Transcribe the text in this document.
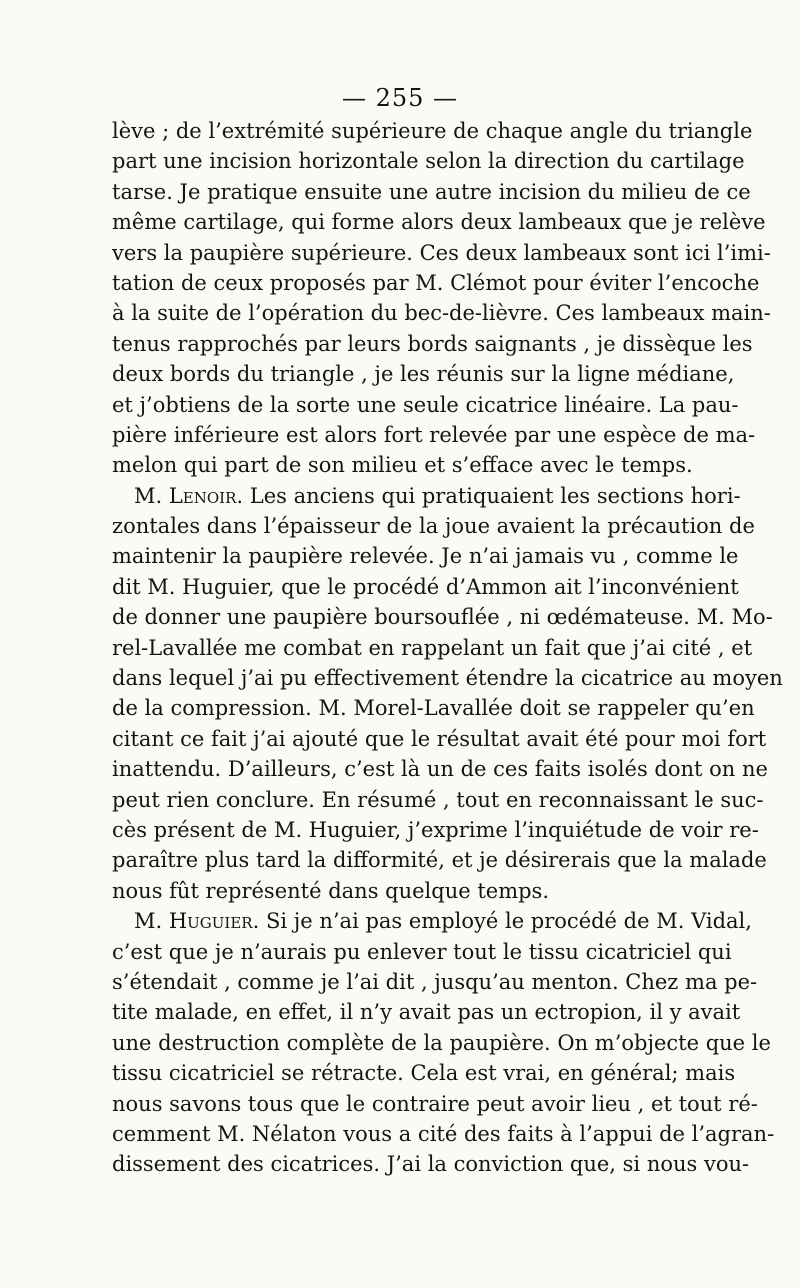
— 255 —
lève ; de l’extrémité supérieure de chaque angle du triangle
part une incision horizontale selon la direction du cartilage
tarse. Je pratique ensuite une autre incision du milieu de ce
même cartilage, qui forme alors deux lambeaux que je relève
vers la paupière supérieure. Ces deux lambeaux sont ici l’imi-
tation de ceux proposés par M. Clémot pour éviter l’encoche
à la suite de l’opération du bec-de-lièvre. Ces lambeaux main-
tenus rapprochés par leurs bords saignants , je dissèque les
deux bords du triangle , je les réunis sur la ligne médiane,
et j’obtiens de la sorte une seule cicatrice linéaire. La pau-
pière inférieure est alors fort relevée par une espèce de ma-
melon qui part de son milieu et s’efface avec le temps.
M. Lenoir. Les anciens qui pratiquaient les sections hori-
zontales dans l’épaisseur de la joue avaient la précaution de
maintenir la paupière relevée. Je n’ai jamais vu , comme le
dit M. Huguier, que le procédé d’Ammon ait l’inconvénient
de donner une paupière boursouflée , ni œdémateuse. M. Mo-
rel-Lavallée me combat en rappelant un fait que j’ai cité , et
dans lequel j’ai pu effectivement étendre la cicatrice au moyen
de la compression. M. Morel-Lavallée doit se rappeler qu’en
citant ce fait j’ai ajouté que le résultat avait été pour moi fort
inattendu. D’ailleurs, c’est là un de ces faits isolés dont on ne
peut rien conclure. En résumé , tout en reconnaissant le suc-
cès présent de M. Huguier, j’exprime l’inquiétude de voir re-
paraître plus tard la difformité, et je désirerais que la malade
nous fût représenté dans quelque temps.
M. Huguier. Si je n’ai pas employé le procédé de M. Vidal,
c’est que je n’aurais pu enlever tout le tissu cicatriciel qui
s’étendait , comme je l’ai dit , jusqu’au menton. Chez ma pe-
tite malade, en effet, il n’y avait pas un ectropion, il y avait
une destruction complète de la paupière. On m’objecte que le
tissu cicatriciel se rétracte. Cela est vrai, en général; mais
nous savons tous que le contraire peut avoir lieu , et tout ré-
cemment M. Nélaton vous a cité des faits à l’appui de l’agran-
dissement des cicatrices. J’ai la conviction que, si nous vou-
